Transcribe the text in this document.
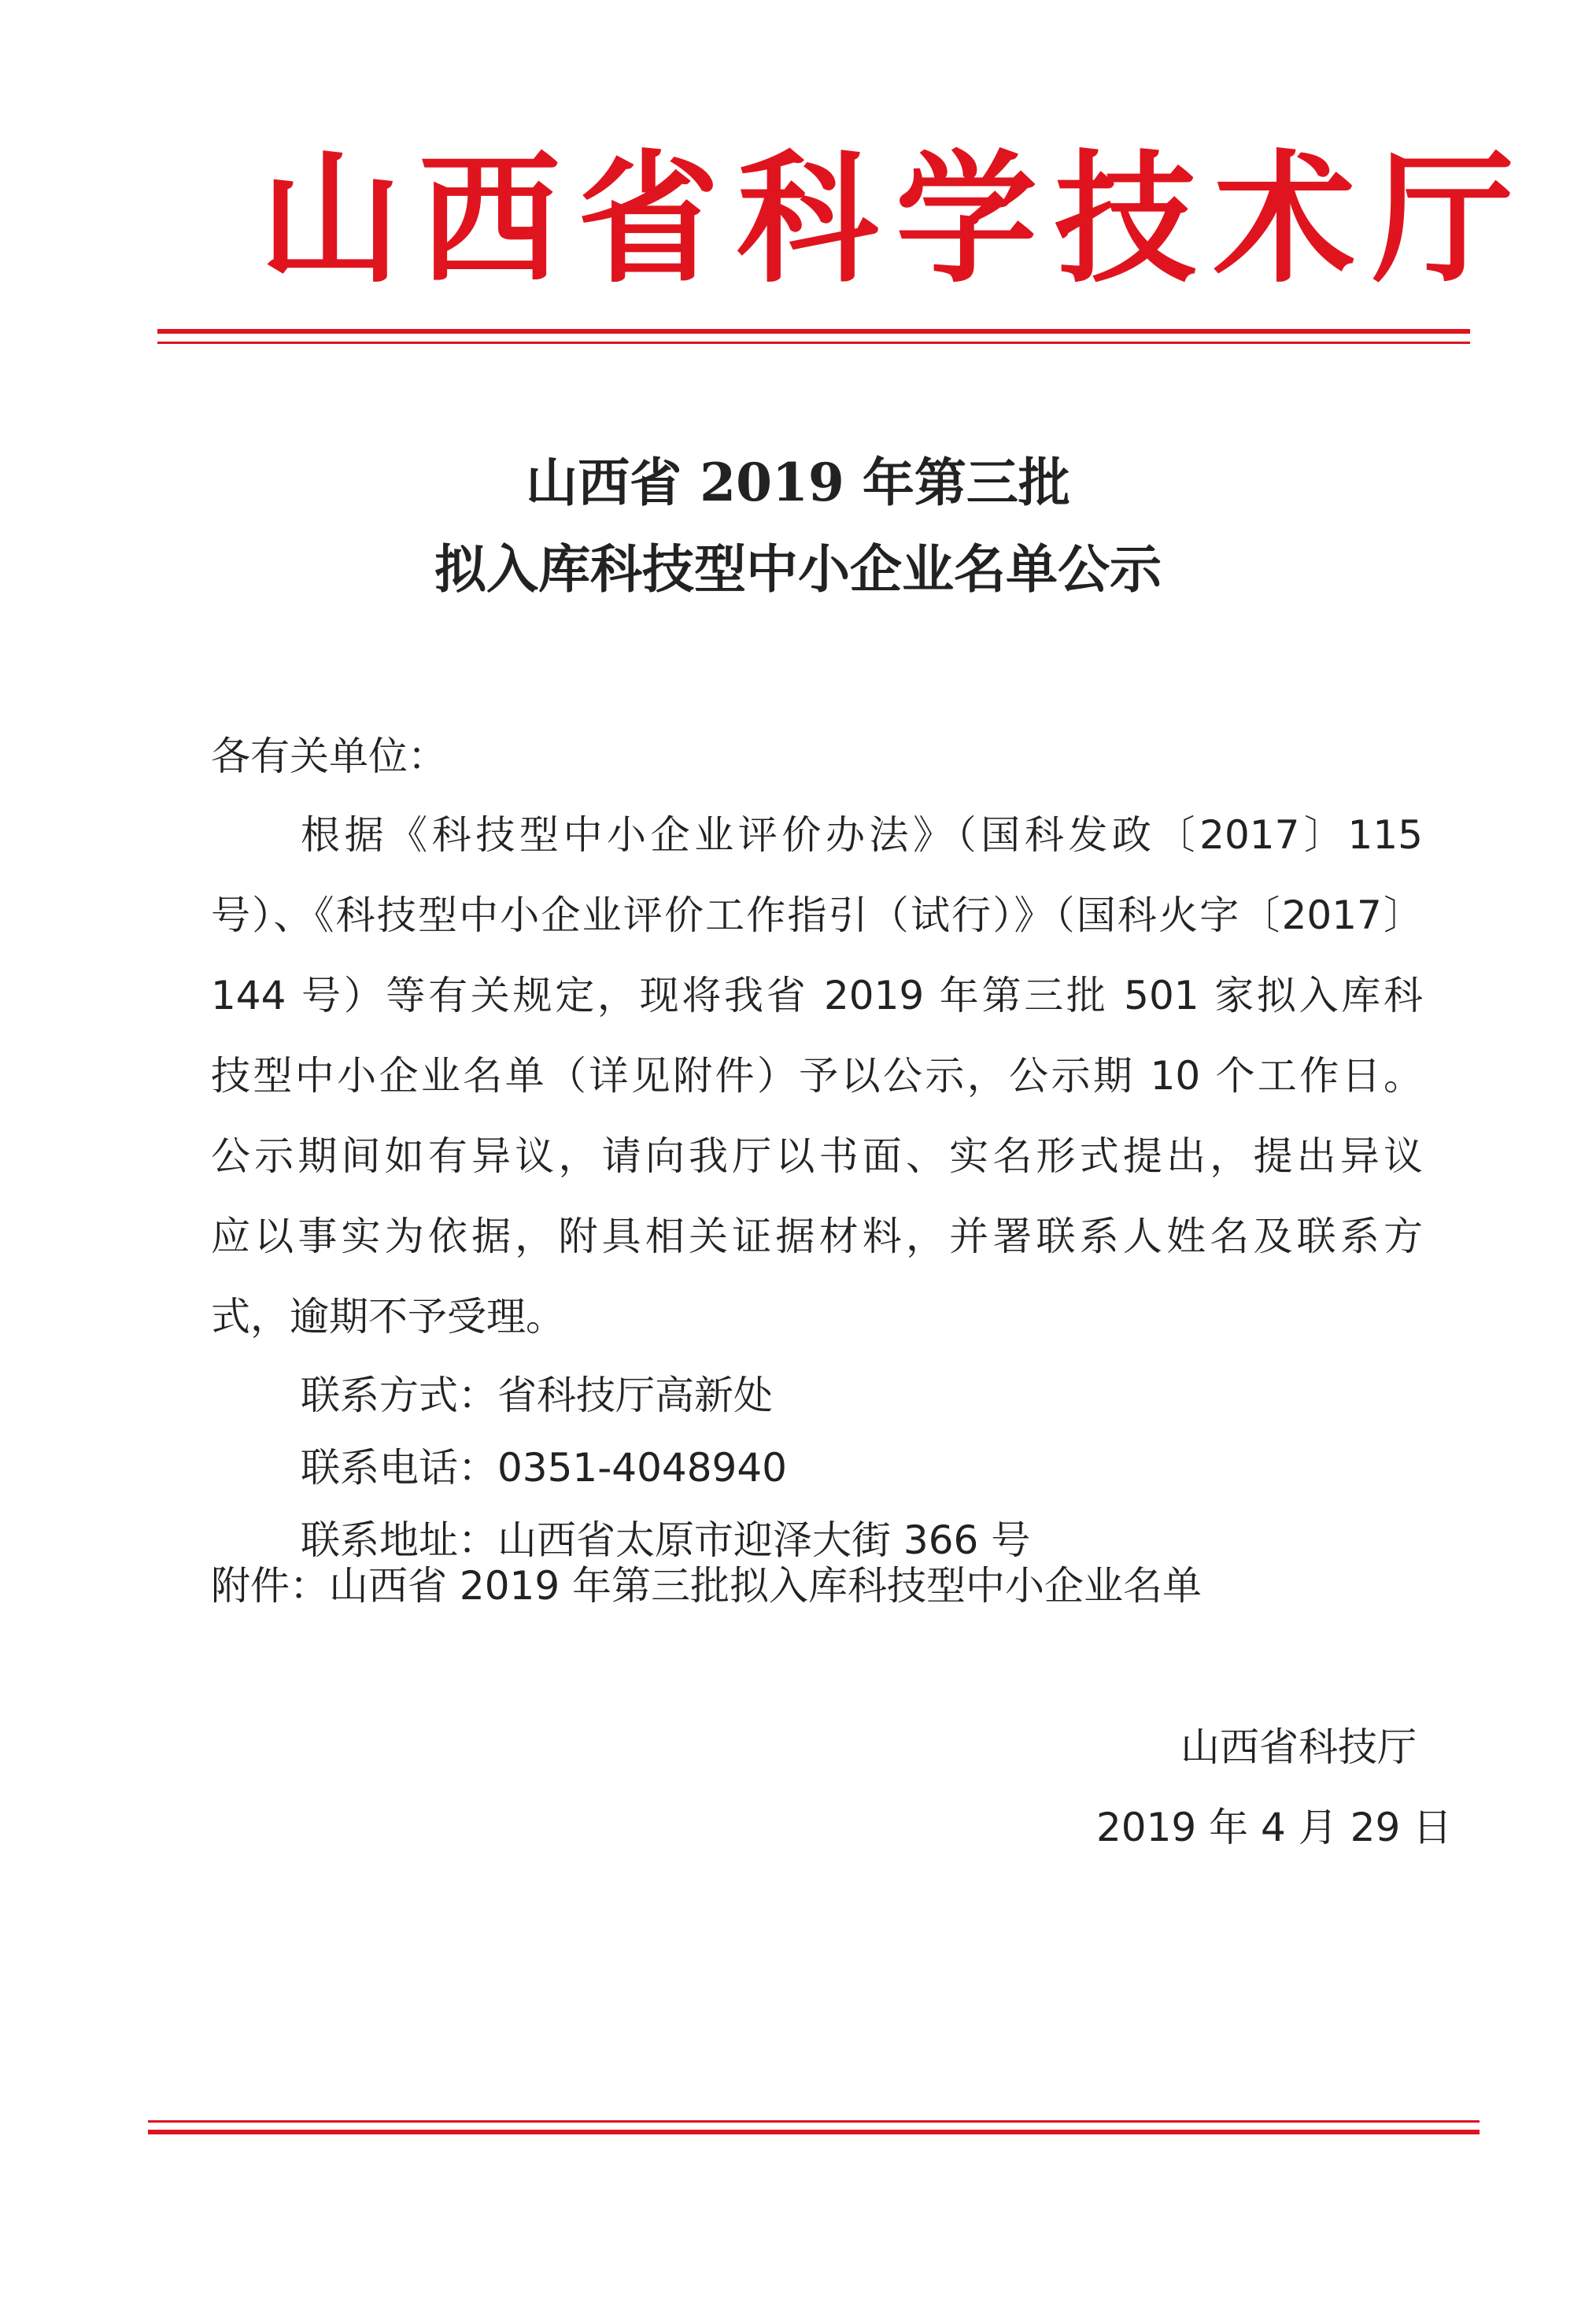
山西省科学技术厅
山西省 2019 年第三批
拟入库科技型中小企业名单公示
各有关单位：
根据《科技型中小企业评价办法》（国科发政〔2017〕115
号）、《科技型中小企业评价工作指引（试行）》（国科火字〔2017〕
144 号）等有关规定，现将我省 2019 年第三批 501 家拟入库科
技型中小企业名单（详见附件）予以公示，公示期 10 个工作日。
公示期间如有异议，请向我厅以书面、实名形式提出，提出异议
应以事实为依据，附具相关证据材料，并署联系人姓名及联系方
式，逾期不予受理。
联系方式：省科技厅高新处
联系电话：0351-4048940
联系地址：山西省太原市迎泽大街 366 号
附件：山西省 2019 年第三批拟入库科技型中小企业名单
山西省科技厅
2019 年 4 月 29 日
